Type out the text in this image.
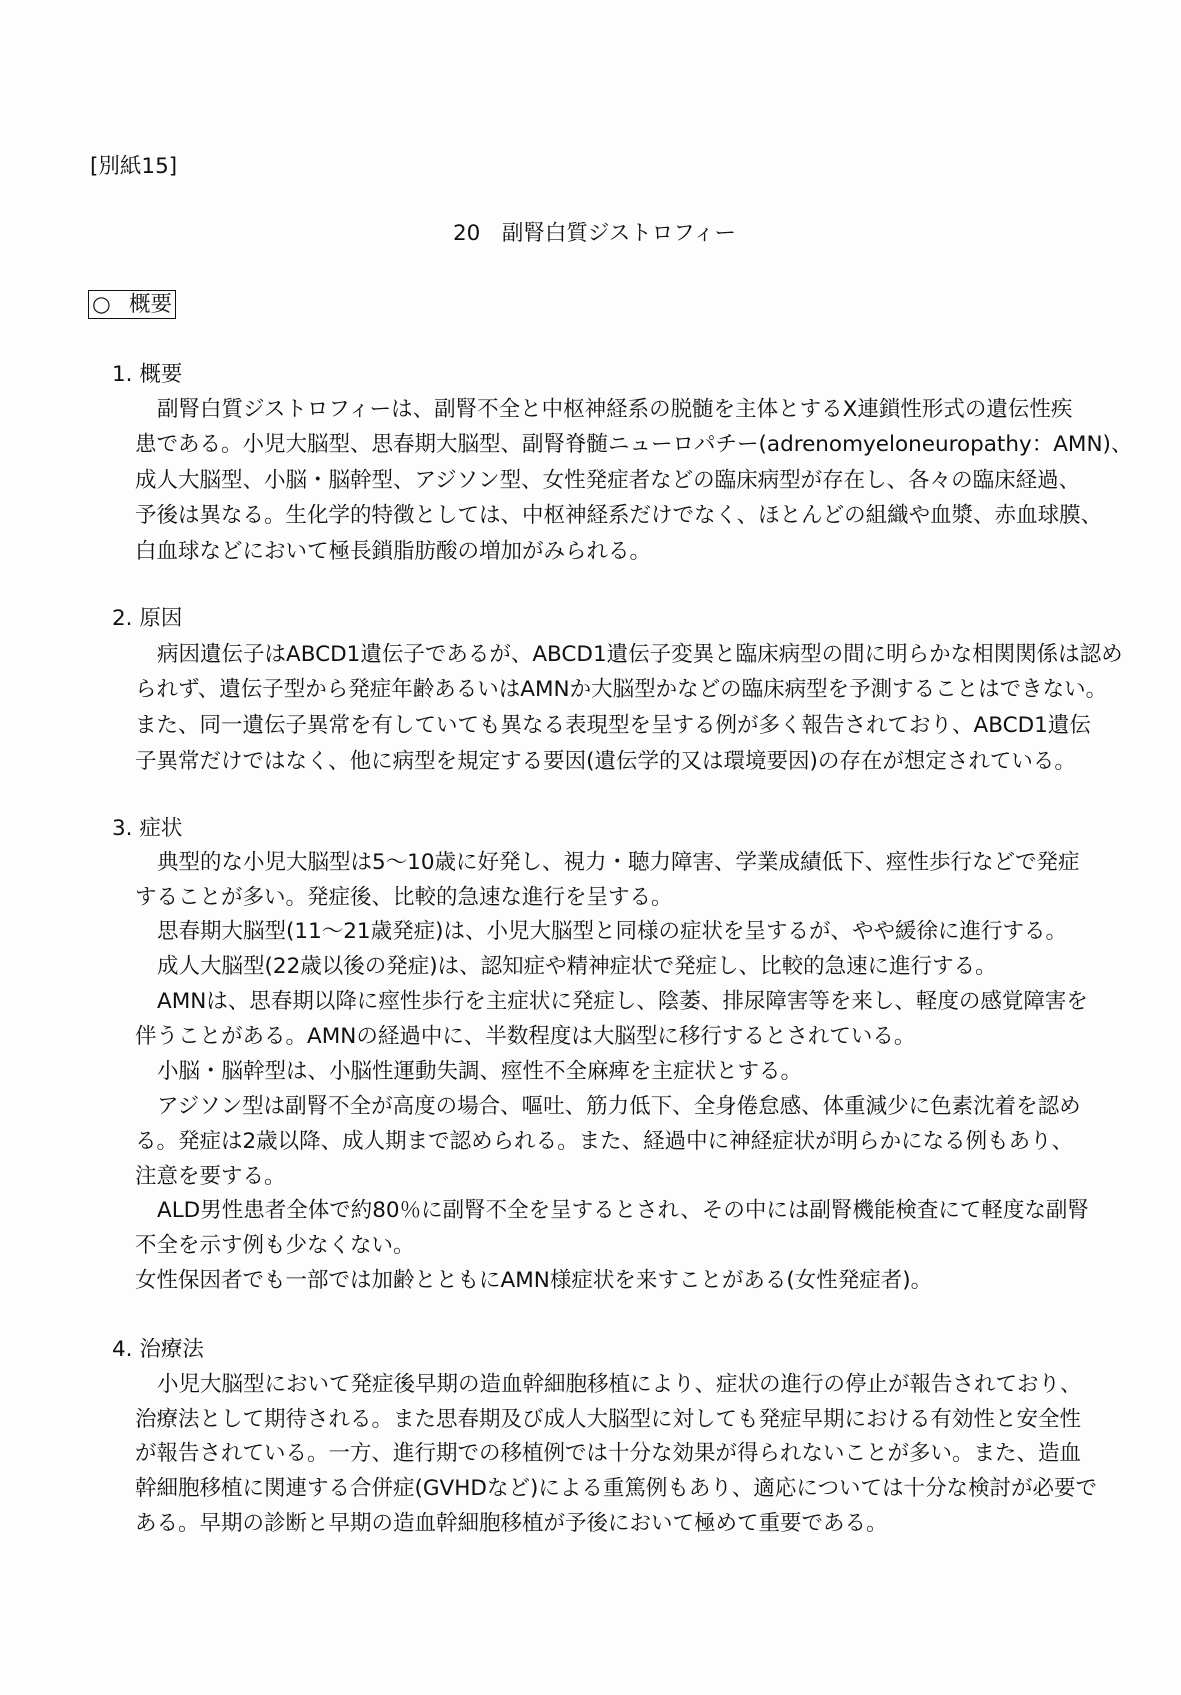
[別紙15]
20　副腎白質ジストロフィー
○ 概要
1. 概要
副腎白質ジストロフィーは、副腎不全と中枢神経系の脱髄を主体とするX連鎖性形式の遺伝性疾
患である。小児大脳型、思春期大脳型、副腎脊髄ニューロパチー(adrenomyeloneuropathy：AMN)、
成人大脳型、小脳・脳幹型、アジソン型、女性発症者などの臨床病型が存在し、各々の臨床経過、
予後は異なる。生化学的特徴としては、中枢神経系だけでなく、ほとんどの組織や血漿、赤血球膜、
白血球などにおいて極長鎖脂肪酸の増加がみられる。
2. 原因
病因遺伝子はABCD1遺伝子であるが、ABCD1遺伝子変異と臨床病型の間に明らかな相関関係は認め
られず、遺伝子型から発症年齢あるいはAMNか大脳型かなどの臨床病型を予測することはできない。
また、同一遺伝子異常を有していても異なる表現型を呈する例が多く報告されており、ABCD1遺伝
子異常だけではなく、他に病型を規定する要因(遺伝学的又は環境要因)の存在が想定されている。
3. 症状
典型的な小児大脳型は5～10歳に好発し、視力・聴力障害、学業成績低下、痙性歩行などで発症
することが多い。発症後、比較的急速な進行を呈する。
思春期大脳型(11～21歳発症)は、小児大脳型と同様の症状を呈するが、やや緩徐に進行する。
成人大脳型(22歳以後の発症)は、認知症や精神症状で発症し、比較的急速に進行する。
AMNは、思春期以降に痙性歩行を主症状に発症し、陰萎、排尿障害等を来し、軽度の感覚障害を
伴うことがある。AMNの経過中に、半数程度は大脳型に移行するとされている。
小脳・脳幹型は、小脳性運動失調、痙性不全麻痺を主症状とする。
アジソン型は副腎不全が高度の場合、嘔吐、筋力低下、全身倦怠感、体重減少に色素沈着を認め
る。発症は2歳以降、成人期まで認められる。また、経過中に神経症状が明らかになる例もあり、
注意を要する。
ALD男性患者全体で約80％に副腎不全を呈するとされ、その中には副腎機能検査にて軽度な副腎
不全を示す例も少なくない。
女性保因者でも一部では加齢とともにAMN様症状を来すことがある(女性発症者)。
4. 治療法
小児大脳型において発症後早期の造血幹細胞移植により、症状の進行の停止が報告されており、
治療法として期待される。また思春期及び成人大脳型に対しても発症早期における有効性と安全性
が報告されている。一方、進行期での移植例では十分な効果が得られないことが多い。また、造血
幹細胞移植に関連する合併症(GVHDなど)による重篤例もあり、適応については十分な検討が必要で
ある。早期の診断と早期の造血幹細胞移植が予後において極めて重要である。
